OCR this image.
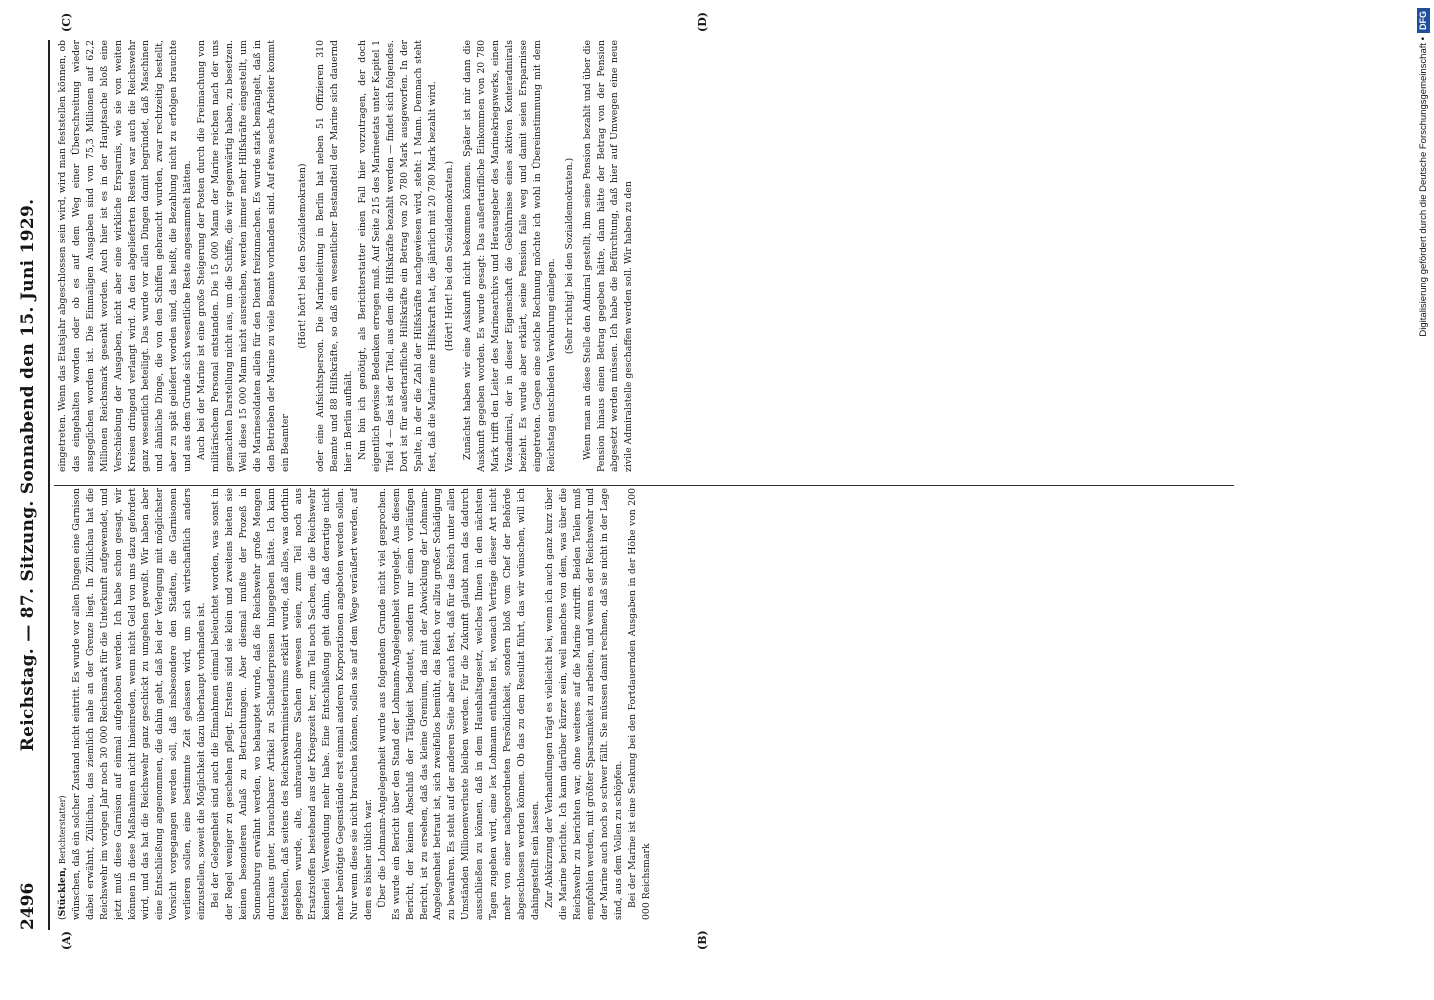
2496
Reichstag. — 87. Sitzung. Sonnabend den 15. Juni 1929.
(A)	(B)
(C)	(D)

(Stücklen, Berichterstatter) wünschen, daß ein solcher Zustand nicht eintritt. Es wurde vor allen Dingen eine Garnison dabei erwähnt, Züllichau, das ziemlich nahe an der Grenze liegt. In Züllichau hat die Reichswehr im vorigen Jahr noch 30 000 Reichsmark für die Unterkunft aufgewendet, und jetzt muß diese Garnison auf einmal aufgehoben werden. Ich habe schon gesagt, wir können in diese Maßnahmen nicht hineinreden, wenn nicht Geld von uns dazu gefordert wird, und das hat die Reichswehr ganz geschickt zu umgehen gewußt. Wir haben aber eine Entschließung angenommen, die dahin geht, daß bei der Verlegung mit möglichster Vorsicht vorgegangen werden soll, daß insbesondere den Städten, die Garnisonen verlieren sollen, eine bestimmte Zeit gelassen wird, um sich wirtschaftlich anders einzustellen, soweit die Möglichkeit dazu überhaupt vorhanden ist. Bei der Gelegenheit sind auch die Einnahmen einmal beleuchtet worden, was sonst in der Regel weniger zu geschehen pflegt. Erstens sind sie klein und zweitens bieten sie keinen besonderen Anlaß zu Betrachtungen. Aber diesmal mußte der Prozeß in Sonnenburg erwähnt werden, wo behauptet wurde, daß die Reichswehr große Mengen durchaus guter, brauchbarer Artikel zu Schleuderpreisen hingegeben hätte. Ich kann feststellen, daß seitens des Reichswehrministeriums erklärt wurde, daß alles, was dorthin gegeben wurde, alte, unbrauchbare Sachen gewesen seien, zum Teil noch aus Ersatzstoffen bestehend aus der Kriegszeit her, zum Teil noch Sachen, die die Reichswehr keinerlei Verwendung mehr habe. Eine Entschließung geht dahin, daß derartige nicht mehr benötigte Gegenstände erst einmal anderen Korporationen angeboten werden sollen. Nur wenn diese sie nicht brauchen können, sollen sie auf dem Wege veräußert werden, auf dem es bisher üblich war. Über die Lohmann-Angelegenheit wurde aus folgendem Grunde nicht viel gesprochen. Es wurde ein Bericht über den Stand der Lohmann-Angelegenheit vorgelegt. Aus diesem Bericht, der keinen Abschluß der Tätigkeit bedeutet, sondern nur einen vorläufigen Bericht, ist zu ersehen, daß das kleine Gremium, das mit der Abwicklung der Lohmann-Angelegenheit betraut ist, sich zweifellos bemüht, das Reich vor allzu großer Schädigung zu bewahren. Es steht auf der anderen Seite aber auch fest, daß für das Reich unter allen Umständen Millionenverluste bleiben werden. Für die Zukunft glaubt man das dadurch ausschließen zu können, daß in dem Haushaltsgesetz, welches Ihnen in den nächsten Tagen zugehen wird, eine lex Lohmann enthalten ist, wonach Verträge dieser Art nicht mehr von einer nachgeordneten Persönlichkeit, sondern bloß vom Chef der Behörde abgeschlossen werden können. Ob das zu dem Resultat führt, das wir wünschen, will ich dahingestellt sein lassen. Zur Abkürzung der Verhandlungen trägt es vielleicht bei, wenn ich auch ganz kurz über die Marine berichte. Ich kann darüber kürzer sein, weil manches von dem, was über die Reichswehr zu berichten war, ohne weiteres auf die Marine zutrifft. Beiden Teilen muß empfohlen werden, mit größter Sparsamkeit zu arbeiten, und wenn es der Reichswehr und der Marine auch noch so schwer fällt. Sie müssen damit rechnen, daß sie nicht in der Lage sind, aus dem Vollen zu schöpfen. Bei der Marine ist eine Senkung bei den Fortdauernden Ausgaben in der Höhe von 200 000 Reichsmark

eingetreten. Wenn das Etatsjahr abgeschlossen sein wird, wird man feststellen können, ob das eingehalten worden oder ob es auf dem Weg einer Überschreitung wieder ausgeglichen worden ist. Die Einmaligen Ausgaben sind von 75,3 Millionen auf 62,2 Millionen Reichsmark gesenkt worden. Auch hier ist es in der Hauptsache bloß eine Verschiebung der Ausgaben, nicht aber eine wirkliche Ersparnis, wie sie von weiten Kreisen dringend verlangt wird. An den abgelieferten Resten war auch die Reichswehr ganz wesentlich beteiligt. Das wurde vor allen Dingen damit begründet, daß Maschinen und ähnliche Dinge, die von den Schiffen gebraucht wurden, zwar rechtzeitig bestellt, aber zu spät geliefert worden sind, das heißt, die Bezahlung nicht zu erfolgen brauchte und aus dem Grunde sich wesentliche Reste angesammelt hätten. Auch bei der Marine ist eine große Steigerung der Posten durch die Freimachung von militärischem Personal entstanden. Die 15 000 Mann der Marine reichen nach der uns gemachten Darstellung nicht aus, um die Schiffe, die wir gegenwärtig haben, zu besetzen. Weil diese 15 000 Mann nicht ausreichen, werden immer mehr Hilfskräfte eingestellt, um die Marinesoldaten allein für den Dienst freizumachen. Es wurde stark bemängelt, daß in den Betrieben der Marine zu viele Beamte vorhanden sind. Auf etwa sechs Arbeiter kommt ein Beamter

(Hört! hört! bei den Sozialdemokraten) oder eine Aufsichtsperson. Die Marineleitung in Berlin hat neben 51 Offizieren 310 Beamte und 88 Hilfskräfte, so daß ein wesentlicher Bestandteil der Marine sich dauernd hier in Berlin aufhält. Nun bin ich genötigt, als Berichterstatter einen Fall hier vorzutragen, der doch eigentlich gewisse Bedenken erregen muß. Auf Seite 215 des Marineetats unter Kapitel 1 Titel 4 — das ist der Titel, aus dem die Hilfskräfte bezahlt werden — findet sich folgendes. Dort ist für außertarifliche Hilfskräfte ein Betrag von 20 780 Mark ausgeworfen. In der Spalte, in der die Zahl der Hilfskräfte nachgewiesen wird, steht: 1 Mann. Demnach steht fest, daß die Marine eine Hilfskraft hat, die jährlich mit 20 780 Mark bezahlt wird. (Hört! Hört! bei den Sozialdemokraten.) Zunächst haben wir eine Auskunft nicht bekommen können. Später ist mir dann die Auskunft gegeben worden. Es wurde gesagt: Das außertarifliche Einkommen von 20 780 Mark trifft den Leiter des Marinearchivs und Herausgeber des Marinekriegswerks, einen Vizeadmiral, der in dieser Eigenschaft die Gebührnisse eines aktiven Konteradmirals bezieht. Es wurde aber erklärt, seine Pension falle weg und damit seien Ersparnisse eingetreten. Gegen eine solche Rechnung möchte ich wohl in Übereinstimmung mit dem Reichstag entschieden Verwahrung einlegen.

(Sehr richtig! bei den Sozialdemokraten.) Wenn man an diese Stelle den Admiral gestellt, ihm seine Pension bezahlt und über die Pension hinaus einen Betrag gegeben hätte, dann hätte der Betrag von der Pension abgesetzt werden müssen. Ich habe die Befürchtung, daß hier auf Umwegen eine neue zivile Admiralstelle geschaffen werden soll. Wir haben zu den	Digitalisierung gefördert durch die Deutsche Forschungsgemeinschaft •DFG
